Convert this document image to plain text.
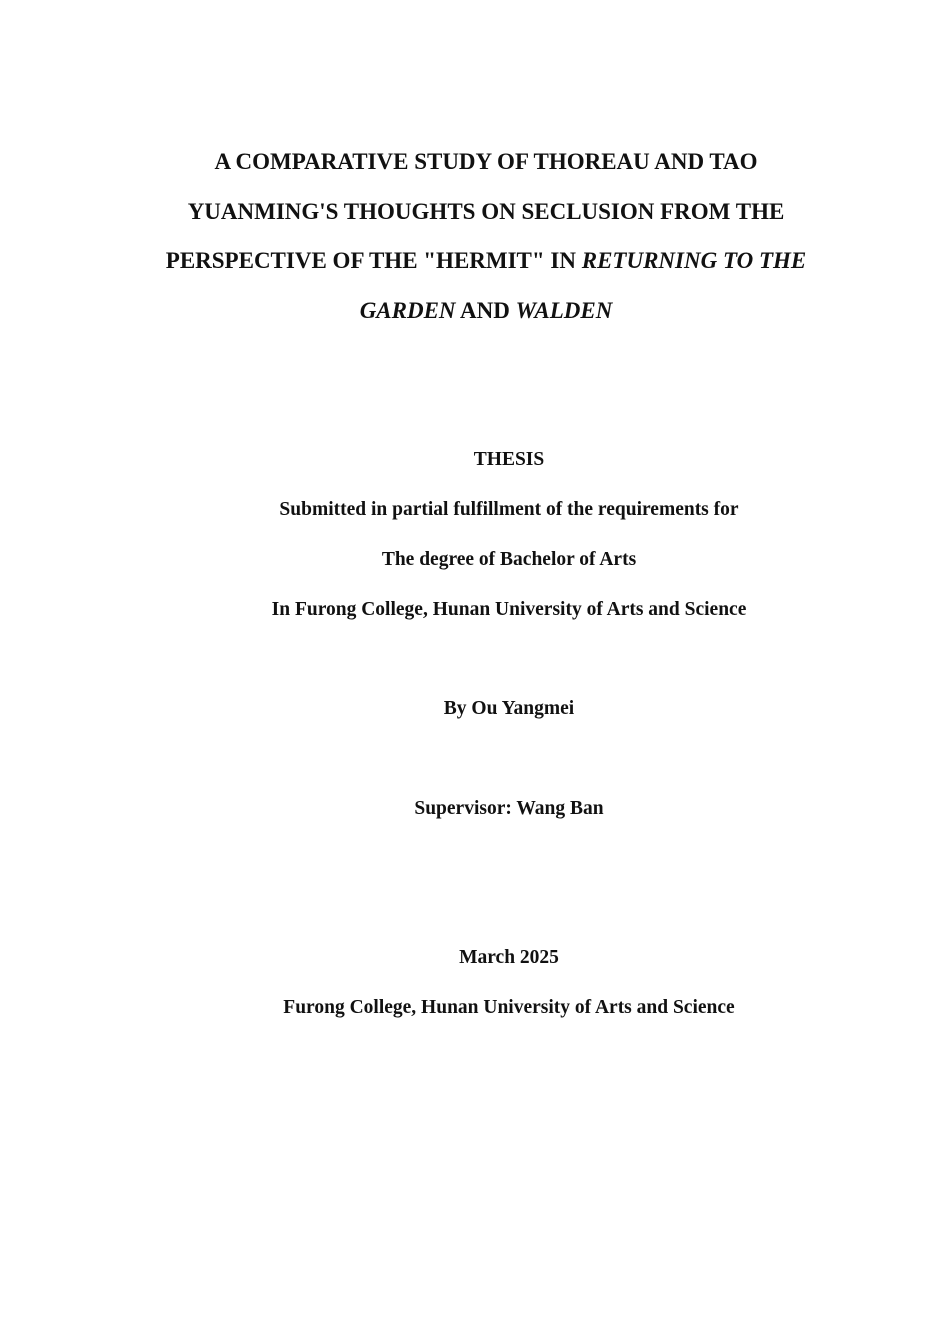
A COMPARATIVE STUDY OF THOREAU AND TAO
YUANMING'S THOUGHTS ON SECLUSION FROM THE
PERSPECTIVE OF THE "HERMIT" IN RETURNING TO THE
GARDEN AND WALDEN
THESIS
Submitted in partial fulfillment of the requirements for
The degree of Bachelor of Arts
In Furong College, Hunan University of Arts and Science
By Ou Yangmei
Supervisor: Wang Ban
March 2025
Furong College, Hunan University of Arts and Science
